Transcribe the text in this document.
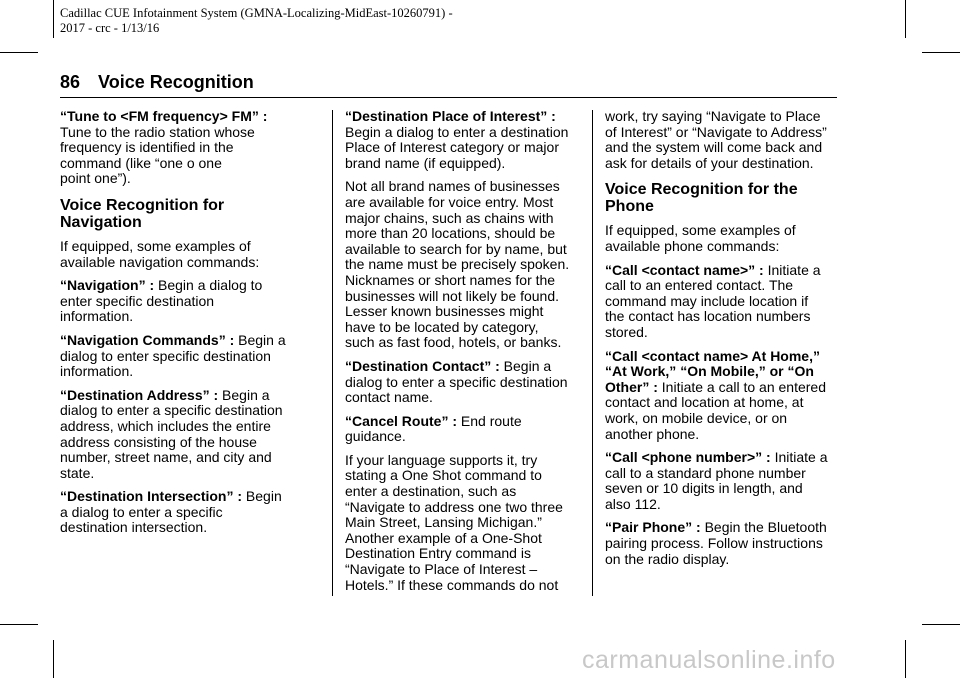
Cadillac CUE Infotainment System (GMNA-Localizing-MidEast-10260791) -
2017 - crc - 1/13/16
86 Voice Recognition

“Tune to <FM frequency> FM” :
Tune to the radio station whose
frequency is identified in the
command (like “one o one
point one”).

Voice Recognition for
Navigation

If equipped, some examples of
available navigation commands:

“Navigation” : Begin a dialog to
enter specific destination
information.

“Navigation Commands” : Begin a
dialog to enter specific destination
information.

“Destination Address” : Begin a
dialog to enter a specific destination
address, which includes the entire
address consisting of the house
number, street name, and city and
state.

“Destination Intersection” : Begin
a dialog to enter a specific
destination intersection.

“Destination Place of Interest” :
Begin a dialog to enter a destination
Place of Interest category or major
brand name (if equipped).

Not all brand names of businesses
are available for voice entry. Most
major chains, such as chains with
more than 20 locations, should be
available to search for by name, but
the name must be precisely spoken.
Nicknames or short names for the
businesses will not likely be found.
Lesser known businesses might
have to be located by category,
such as fast food, hotels, or banks.

“Destination Contact” : Begin a
dialog to enter a specific destination
contact name.

“Cancel Route” : End route
guidance.

If your language supports it, try
stating a One Shot command to
enter a destination, such as
“Navigate to address one two three
Main Street, Lansing Michigan.”
Another example of a One-Shot
Destination Entry command is
“Navigate to Place of Interest –
Hotels.” If these commands do not

work, try saying “Navigate to Place
of Interest” or “Navigate to Address”
and the system will come back and
ask for details of your destination.

Voice Recognition for the
Phone

If equipped, some examples of
available phone commands:

“Call <contact name>” : Initiate a
call to an entered contact. The
command may include location if
the contact has location numbers
stored.

“Call <contact name> At Home,”
“At Work,” “On Mobile,” or “On
Other” : Initiate a call to an entered
contact and location at home, at
work, on mobile device, or on
another phone.

“Call <phone number>” : Initiate a
call to a standard phone number
seven or 10 digits in length, and
also 112.

“Pair Phone” : Begin the Bluetooth
pairing process. Follow instructions
on the radio display.

carmanualsonline.info
